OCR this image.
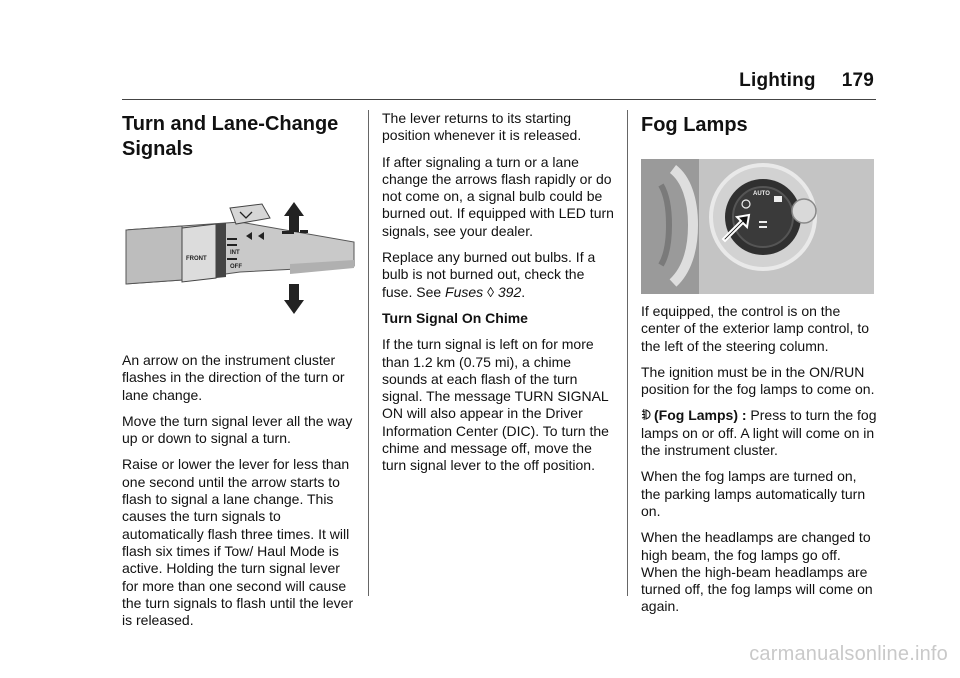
Lighting 179
Turn and Lane-Change Signals
FRONT
INT
OFF

An arrow on the instrument cluster flashes in the direction of the turn or lane change.

Move the turn signal lever all the way up or down to signal a turn.

Raise or lower the lever for less than one second until the arrow starts to flash to signal a lane change. This causes the turn signals to automatically flash three times. It will flash six times if Tow/ Haul Mode is active. Holding the turn signal lever for more than one second will cause the turn signals to flash until the lever is released.

The lever returns to its starting position whenever it is released.

If after signaling a turn or a lane change the arrows flash rapidly or do not come on, a signal bulb could be burned out. If equipped with LED turn signals, see your dealer.

Replace any burned out bulbs. If a bulb is not burned out, check the fuse. See Fuses ◊ 392.

Turn Signal On Chime

If the turn signal is left on for more than 1.2 km (0.75 mi), a chime sounds at each flash of the turn signal. The message TURN SIGNAL ON will also appear in the Driver Information Center (DIC). To turn the chime and message off, move the turn signal lever to the off position.

Fog Lamps
AUTO

If equipped, the control is on the center of the exterior lamp control, to the left of the steering column.

The ignition must be in the ON/RUN position for the fog lamps to come on.

(Fog Lamps) : Press to turn the fog lamps on or off. A light will come on in the instrument cluster.

When the fog lamps are turned on, the parking lamps automatically turn on.

When the headlamps are changed to high beam, the fog lamps go off. When the high-beam headlamps are turned off, the fog lamps will come on again.

carmanualsonline.info
